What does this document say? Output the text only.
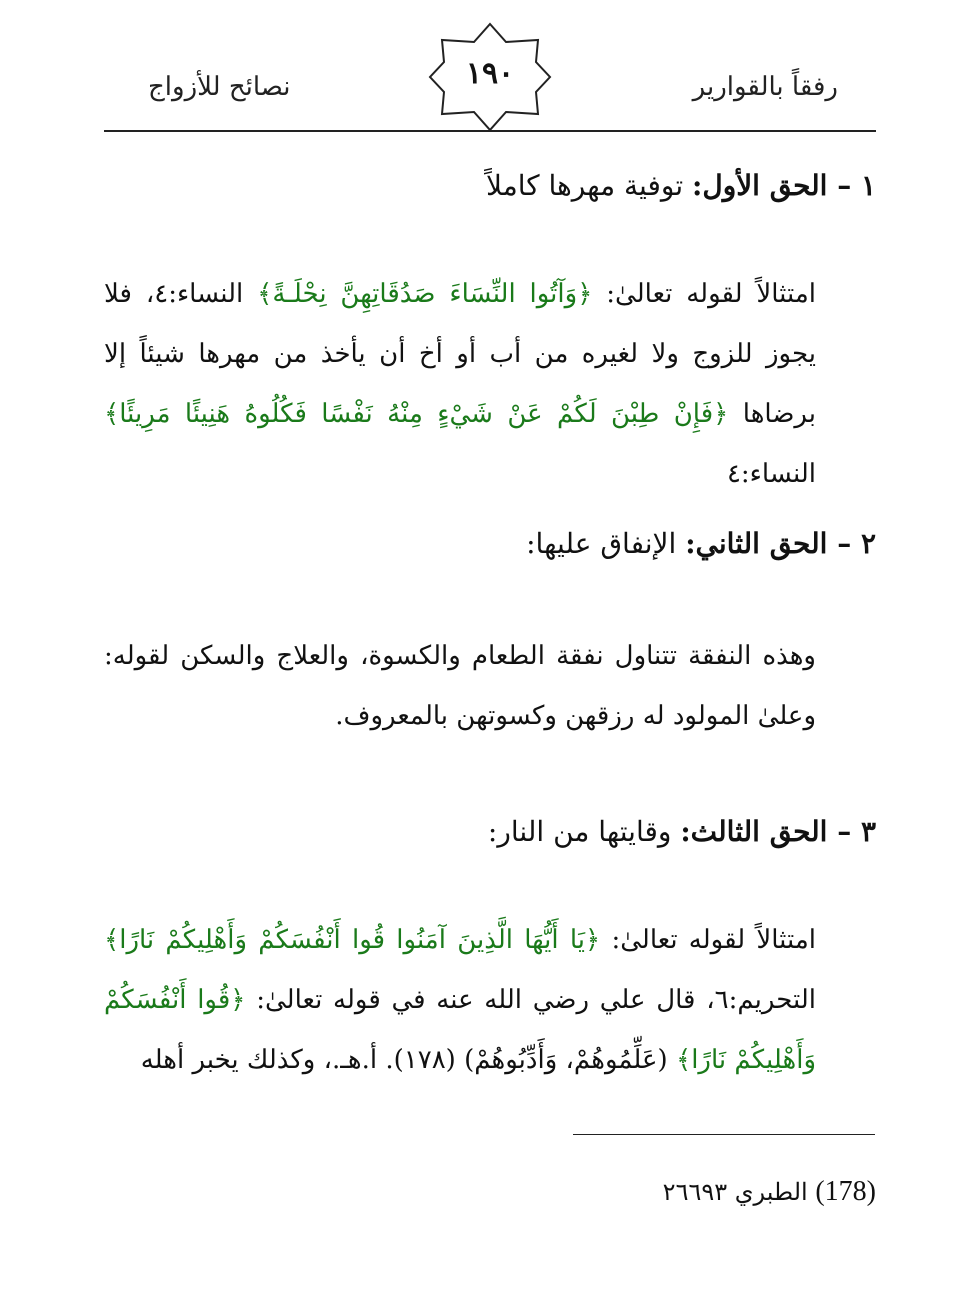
رفقاً بالقوارير
نصائح للأزواج	١٩٠
١ – الحق الأول: توفية مهرها كاملاً

امتثالاً لقوله تعالىٰ: ﴿وَآتُوا النِّسَاءَ صَدُقَاتِهِنَّ نِحْلَـةً﴾ النساء:٤، فلا يجوز للزوج ولا لغيره من أب أو أخ أن يأخذ من مهرها شيئاً إلا برضاها ﴿فَإِنْ طِبْنَ لَكُمْ عَنْ شَيْءٍ مِنْهُ نَفْسًا فَكُلُوهُ هَنِيئًا مَرِيئًا﴾ النساء:٤

٢ – الحق الثاني: الإنفاق عليها:

وهذه النفقة تتناول نفقة الطعام والكسوة، والعلاج والسكن لقوله: وعلىٰ المولود له رزقهن وكسوتهن بالمعروف.

٣ – الحق الثالث: وقايتها من النار:

امتثالاً لقوله تعالىٰ: ﴿يَا أَيُّهَا الَّذِينَ آمَنُوا قُوا أَنْفُسَكُمْ وَأَهْلِيكُمْ نَارًا﴾ التحريم:٦، قال علي رضي الله عنه في قوله تعالىٰ: ﴿قُوا أَنْفُسَكُمْ وَأَهْلِيكُمْ نَارًا﴾ (عَلِّمُوهُمْ، وَأَدِّبُوهُمْ) (١٧٨). أ.هـ.، وكذلك يخبر أهله

(178) الطبري ٢٦٦٩٣
